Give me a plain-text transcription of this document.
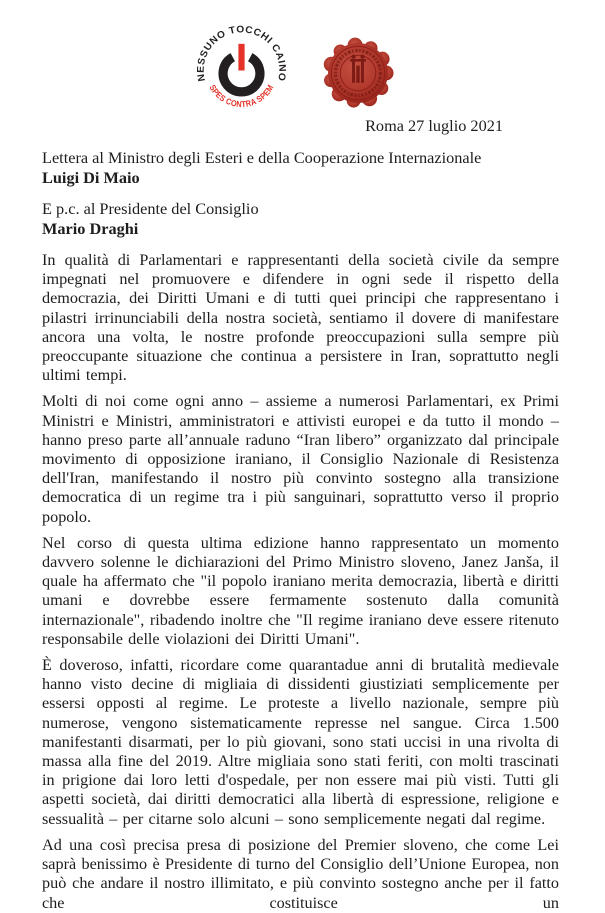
NESSUNO TOCCHI CAINO
SPES CONTRA SPEM
Roma 27 luglio 2021
Lettera al Ministro degli Esteri e della Cooperazione Internazionale
Luigi Di Maio
E p.c. al Presidente del Consiglio
Mario Draghi

In qualità di Parlamentari e rappresentanti della società civile da sempre impegnati nel promuovere e difendere in ogni sede il rispetto della democrazia, dei Diritti Umani e di tutti quei principi che rappresentano i pilastri irrinunciabili della nostra società, sentiamo il dovere di manifestare ancora una volta, le nostre profonde preoccupazioni sulla sempre più preoccupante situazione che continua a persistere in Iran, soprattutto negli ultimi tempi.

Molti di noi come ogni anno – assieme a numerosi Parlamentari, ex Primi Ministri e Ministri, amministratori e attivisti europei e da tutto il mondo – hanno preso parte all’annuale raduno “Iran libero” organizzato dal principale movimento di opposizione iraniano, il Consiglio Nazionale di Resistenza dell'Iran, manifestando il nostro più convinto sostegno alla transizione democratica di un regime tra i più sanguinari, soprattutto verso il proprio popolo.

Nel corso di questa ultima edizione hanno rappresentato un momento davvero solenne le dichiarazioni del Primo Ministro sloveno, Janez Janša, il quale ha affermato che "il popolo iraniano merita democrazia, libertà e diritti umani e dovrebbe essere fermamente sostenuto dalla comunità internazionale", ribadendo inoltre che "Il regime iraniano deve essere ritenuto responsabile delle violazioni dei Diritti Umani".

È doveroso, infatti, ricordare come quarantadue anni di brutalità medievale hanno visto decine di migliaia di dissidenti giustiziati semplicemente per essersi opposti al regime. Le proteste a livello nazionale, sempre più numerose, vengono sistematicamente represse nel sangue. Circa 1.500 manifestanti disarmati, per lo più giovani, sono stati uccisi in una rivolta di massa alla fine del 2019. Altre migliaia sono stati feriti, con molti trascinati in prigione dai loro letti d'ospedale, per non essere mai più visti. Tutti gli aspetti società, dai diritti democratici alla libertà di espressione, religione e sessualità – per citarne solo alcuni – sono semplicemente negati dal regime.

Ad una così precisa presa di posizione del Premier sloveno, che come Lei saprà benissimo è Presidente di turno del Consiglio dell’Unione Europea, non può che andare il nostro illimitato, e più convinto sostegno anche per il fatto che costituisce un
